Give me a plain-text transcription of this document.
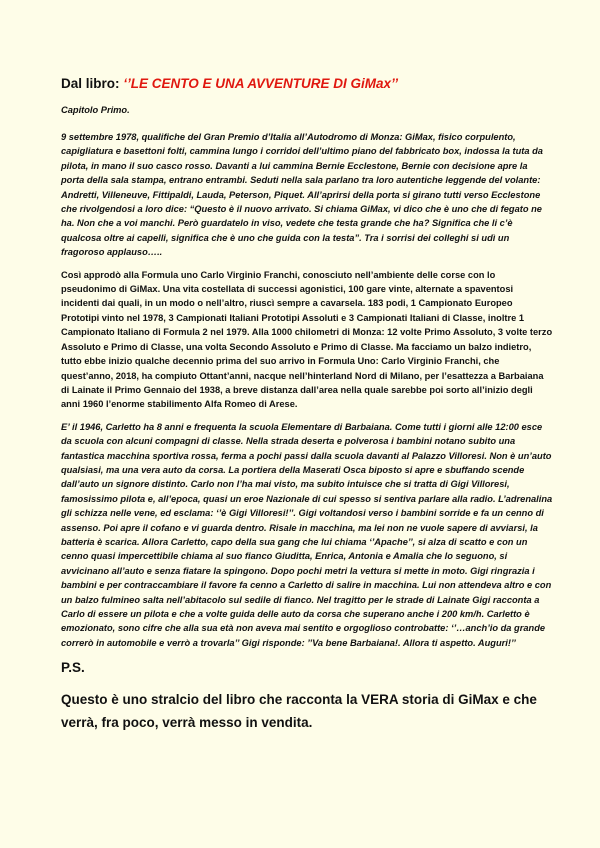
Dal libro: ‘’LE CENTO E UNA AVVENTURE DI GiMax’’
Capitolo Primo.

9 settembre 1978, qualifiche del Gran Premio d’Italia all’Autodromo di Monza: GiMax, fisico corpulento, capigliatura e basettoni folti, cammina lungo i corridoi dell’ultimo piano del fabbricato box, indossa la tuta da pilota, in mano il suo casco rosso. Davanti a lui cammina Bernie Ecclestone, Bernie con decisione apre la porta della sala stampa, entrano entrambi. Seduti nella sala parlano tra loro autentiche leggende del volante: Andretti, Villeneuve, Fittipaldi, Lauda, Peterson, Piquet. All’aprirsi della porta si girano tutti verso Ecclestone che rivolgendosi a loro dice: “Questo è il nuovo arrivato. Si chiama GiMax, vi dico che è uno che di fegato ne ha. Non che a voi manchi. Però guardatelo in viso, vedete che testa grande che ha? Significa che li c’è qualcosa oltre ai capelli, significa che è uno che guida con la testa”. Tra i sorrisi dei colleghi si udì un fragoroso applauso…..

Così approdò alla Formula uno Carlo Virginio Franchi, conosciuto nell’ambiente delle corse con lo pseudonimo di GiMax. Una vita costellata di successi agonistici, 100 gare vinte, alternate a spaventosi incidenti dai quali, in un modo o nell’altro, riuscì sempre a cavarsela. 183 podi, 1 Campionato Europeo Prototipi vinto nel 1978, 3 Campionati Italiani Prototipi Assoluti e 3 Campionati Italiani di Classe, inoltre 1 Campionato Italiano di Formula 2 nel 1979. Alla 1000 chilometri di Monza: 12 volte Primo Assoluto, 3 volte terzo Assoluto e Primo di Classe, una volta Secondo Assoluto e Primo di Classe. Ma facciamo un balzo indietro, tutto ebbe inizio qualche decennio prima del suo arrivo in Formula Uno: Carlo Virginio Franchi, che quest’anno, 2018, ha compiuto Ottant’anni, nacque nell’hinterland Nord di Milano, per l’esattezza a Barbaiana di Lainate il Primo Gennaio del 1938, a breve distanza dall’area nella quale sarebbe poi sorto all’inizio degli anni 1960 l’enorme stabilimento Alfa Romeo di Arese.

E’ il 1946, Carletto ha 8 anni e frequenta la scuola Elementare di Barbaiana. Come tutti i giorni alle 12:00 esce da scuola con alcuni compagni di classe. Nella strada deserta e polverosa i bambini notano subito una fantastica macchina sportiva rossa, ferma a pochi passi dalla scuola davanti al Palazzo Villoresi. Non è un’auto qualsiasi, ma una vera auto da corsa. La portiera della Maserati Osca biposto si apre e sbuffando scende dall’auto un signore distinto. Carlo non l’ha mai visto, ma subito intuisce che si tratta di Gigi Villoresi, famosissimo pilota e, all’epoca, quasi un eroe Nazionale di cui spesso si sentiva parlare alla radio. L’adrenalina gli schizza nelle vene, ed esclama: ‘’è Gigi Villoresi!’’. Gigi voltandosi verso i bambini sorride e fa un cenno di assenso. Poi apre il cofano e vi guarda dentro. Risale in macchina, ma lei non ne vuole sapere di avviarsi, la batteria è scarica. Allora Carletto, capo della sua gang che lui chiama ‘’Apache’’, si alza di scatto e con un cenno quasi impercettibile chiama al suo fianco Giuditta, Enrica, Antonia e Amalia che lo seguono, si avvicinano all’auto e senza fiatare la spingono. Dopo pochi metri la vettura si mette in moto. Gigi ringrazia i bambini e per contraccambiare il favore fa cenno a Carletto di salire in macchina. Lui non attendeva altro e con un balzo fulmineo salta nell’abitacolo sul sedile di fianco. Nel tragitto per le strade di Lainate Gigi racconta a Carlo di essere un pilota e che a volte guida delle auto da corsa che superano anche i 200 km/h. Carletto è emozionato, sono cifre che alla sua età non aveva mai sentito e orgoglioso controbatte: ‘’…anch’io da grande correrò in automobile e verrò a trovarla’’ Gigi risponde: ’’Va bene Barbaiana!. Allora ti aspetto. Auguri!’’

P.S.

Questo è uno stralcio del libro che racconta la VERA storia di GiMax e che verrà, fra poco, verrà messo in vendita.
